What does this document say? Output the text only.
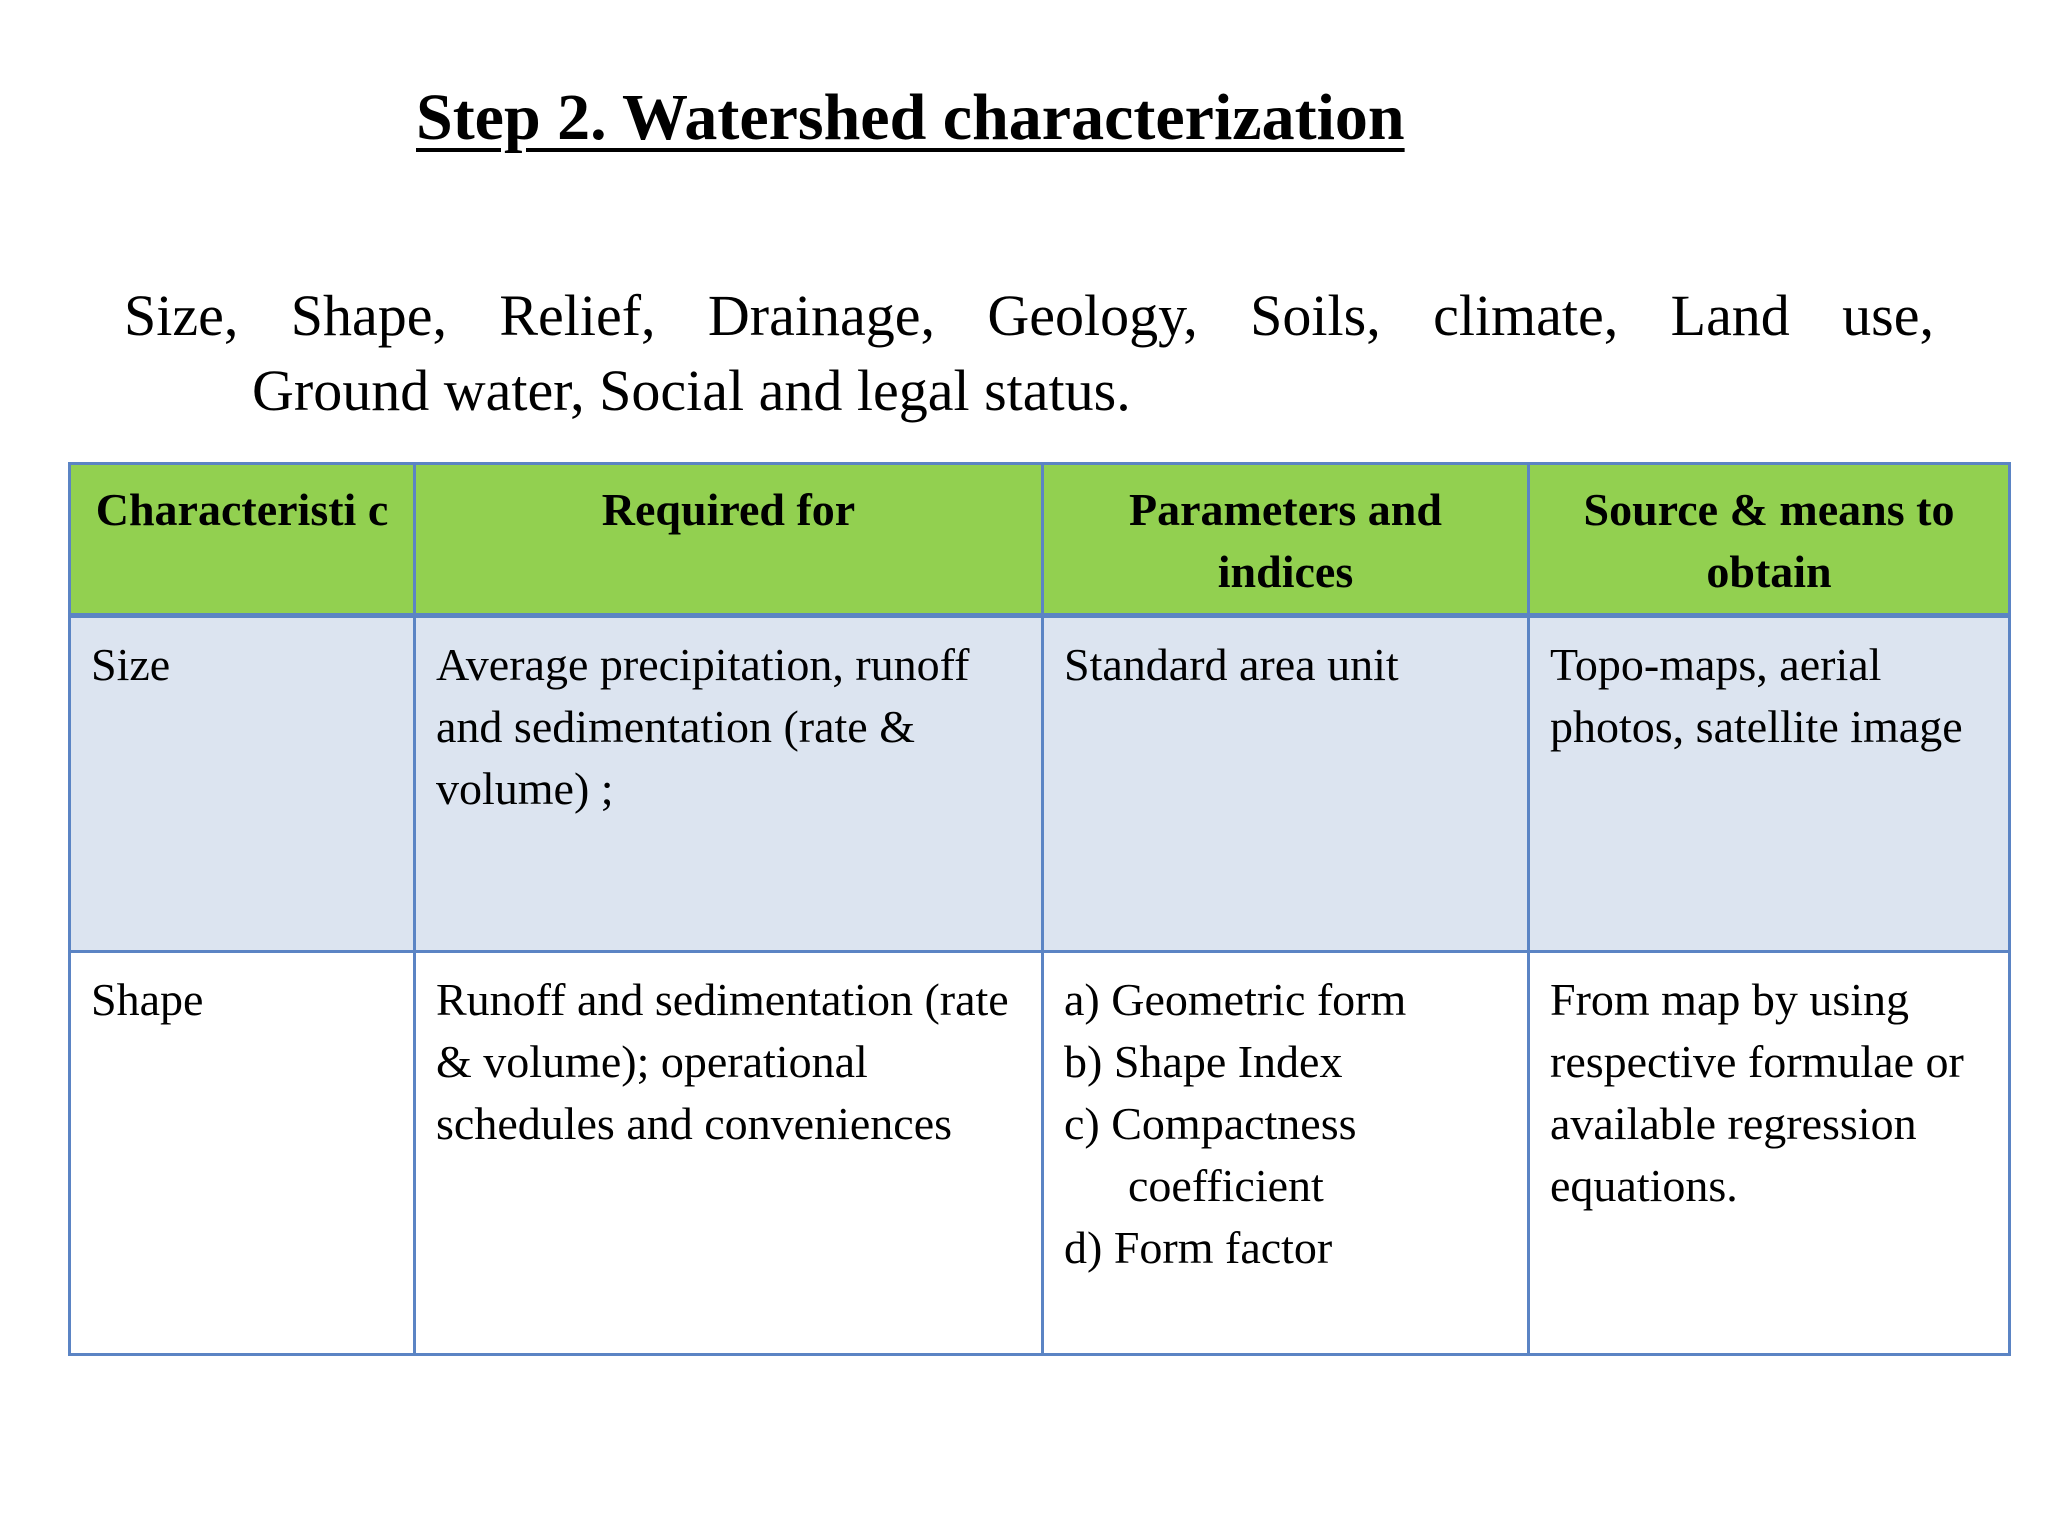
Step 2. Watershed characterization

Size, Shape, Relief, Drainage, Geology, Soils, climate, Land use,
Ground water, Social and legal status.

Characteristi c	Required for	Parameters and indices	Source & means to obtain
Size	Average precipitation, runoff and sedimentation (rate & volume) ;	Standard area unit	Topo-maps, aerial photos, satellite image
Shape	Runoff and sedimentation (rate & volume); operational schedules and conveniences	a) Geometric form
b) Shape Index
c) Compactness
coefficient
d) Form factor	From map by using respective formulae or available regression equations.
